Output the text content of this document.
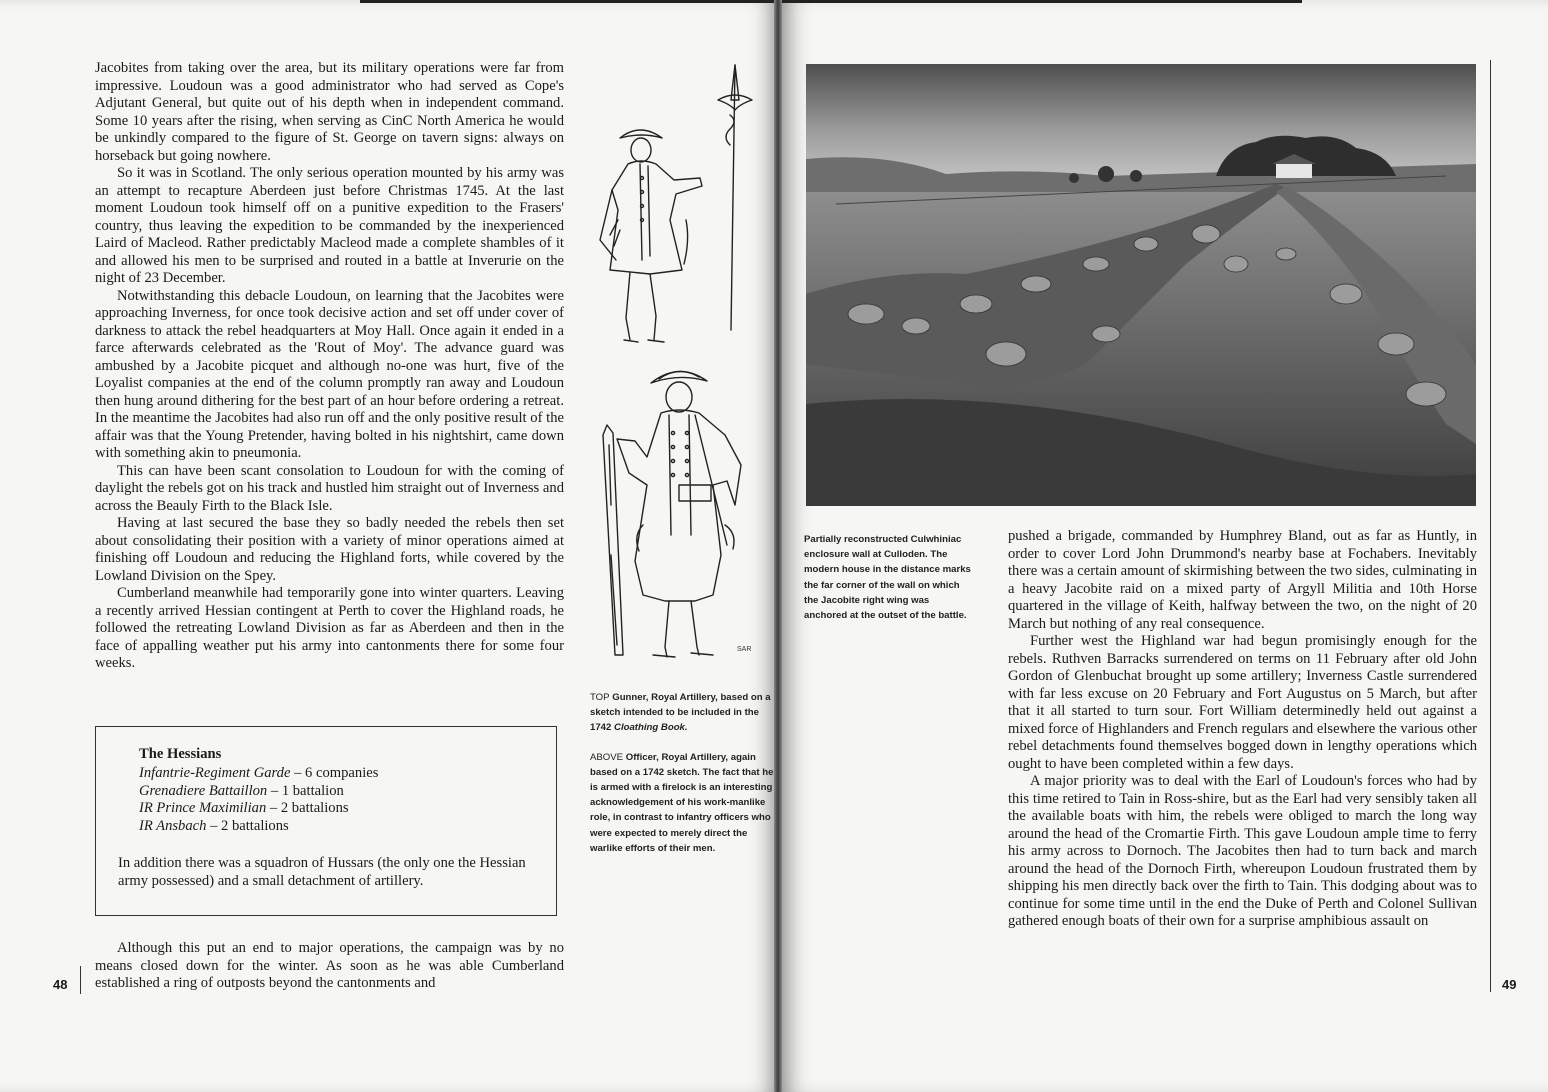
Jacobites from taking over the area, but its military operations were far from impressive. Loudoun was a good administrator who had served as Cope's Adjutant General, but quite out of his depth when in independent command. Some 10 years after the rising, when serving as CinC North America he would be unkindly compared to the figure of St. George on tavern signs: always on horseback but going nowhere.

So it was in Scotland. The only serious operation mounted by his army was an attempt to recapture Aberdeen just before Christmas 1745. At the last moment Loudoun took himself off on a punitive expedition to the Frasers' country, thus leaving the expedition to be commanded by the inexperienced Laird of Macleod. Rather predictably Macleod made a complete shambles of it and allowed his men to be surprised and routed in a battle at Inverurie on the night of 23 December.

Notwithstanding this debacle Loudoun, on learning that the Jacobites were approaching Inverness, for once took decisive action and set off under cover of darkness to attack the rebel headquarters at Moy Hall. Once again it ended in a farce afterwards celebrated as the 'Rout of Moy'. The advance guard was ambushed by a Jacobite picquet and although no-one was hurt, five of the Loyalist companies at the end of the column promptly ran away and Loudoun then hung around dithering for the best part of an hour before ordering a retreat. In the meantime the Jacobites had also run off and the only positive result of the affair was that the Young Pretender, having bolted in his nightshirt, came down with something akin to pneumonia.

This can have been scant consolation to Loudoun for with the coming of daylight the rebels got on his track and hustled him straight out of Inverness and across the Beauly Firth to the Black Isle.

Having at last secured the base they so badly needed the rebels then set about consolidating their position with a variety of minor operations aimed at finishing off Loudoun and reducing the Highland forts, while covered by the Lowland Division on the Spey.

Cumberland meanwhile had temporarily gone into winter quarters. Leaving a recently arrived Hessian contingent at Perth to cover the Highland roads, he followed the retreating Lowland Division as far as Aberdeen and then in the face of appalling weather put his army into cantonments there for some four weeks.

The Hessians
Infantrie-Regiment Garde – 6 companies
Grenadiere Battaillon – 1 battalion
IR Prince Maximilian – 2 battalions
IR Ansbach – 2 battalions
In addition there was a squadron of Hussars (the only one the Hessian army possessed) and a small detachment of artillery.

Although this put an end to major operations, the campaign was by no means closed down for the winter. As soon as he was able Cumberland established a ring of outposts beyond the cantonments and

48
SAR

TOP Gunner, Royal Artillery, based on a sketch intended to be included in the 1742 Cloathing Book.

ABOVE Officer, Royal Artillery, again based on a 1742 sketch. The fact that he is armed with a firelock is an interesting acknowledgement of his work-manlike role, in contrast to infantry officers who were expected to merely direct the warlike efforts of their men.

Partially reconstructed Culwhiniac enclosure wall at Culloden. The modern house in the distance marks the far corner of the wall on which the Jacobite right wing was anchored at the outset of the battle.

pushed a brigade, commanded by Humphrey Bland, out as far as Huntly, in order to cover Lord John Drummond's nearby base at Fochabers. Inevitably there was a certain amount of skirmishing between the two sides, culminating in a heavy Jacobite raid on a mixed party of Argyll Militia and 10th Horse quartered in the village of Keith, halfway between the two, on the night of 20 March but nothing of any real consequence.

Further west the Highland war had begun promisingly enough for the rebels. Ruthven Barracks surrendered on terms on 11 February after old John Gordon of Glenbuchat brought up some artillery; Inverness Castle surrendered with far less excuse on 20 February and Fort Augustus on 5 March, but after that it all started to turn sour. Fort William determinedly held out against a mixed force of Highlanders and French regulars and elsewhere the various other rebel detachments found themselves bogged down in lengthy operations which ought to have been completed within a few days.

A major priority was to deal with the Earl of Loudoun's forces who had by this time retired to Tain in Ross-shire, but as the Earl had very sensibly taken all the available boats with him, the rebels were obliged to march the long way around the head of the Cromartie Firth. This gave Loudoun ample time to ferry his army across to Dornoch. The Jacobites then had to turn back and march around the head of the Dornoch Firth, whereupon Loudoun frustrated them by shipping his men directly back over the firth to Tain. This dodging about was to continue for some time until in the end the Duke of Perth and Colonel Sullivan gathered enough boats of their own for a surprise amphibious assault on

49
